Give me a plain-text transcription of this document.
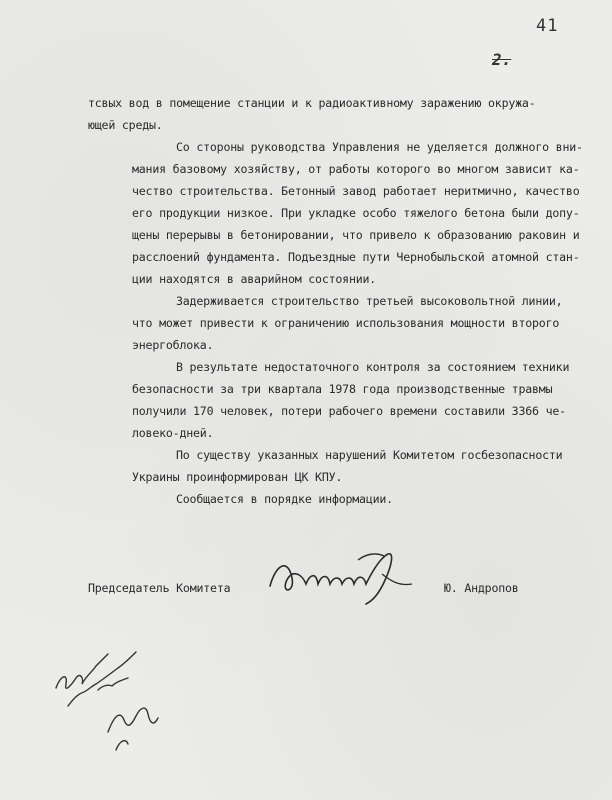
41
2.

тсвых вод в помещение станции и к радиоактивному заражению окружа-
ющей среды.

Со стороны руководства Управления не уделяется должного вни-
мания базовому хозяйству, от работы которого во многом зависит ка-
чество строительства. Бетонный завод работает неритмично, качество
его продукции низкое. При укладке особо тяжелого бетона были допу-
щены перерывы в бетонировании, что привело к образованию раковин и
расслоений фундамента. Подъездные пути Чернобыльской атомной стан-
ции находятся в аварийном состоянии.

Задерживается строительство третьей высоковольтной линии,
что может привести к ограничению использования мощности второго
энергоблока.

В результате недостаточного контроля за состоянием техники
безопасности за три квартала 1978 года производственные травмы
получили 170 человек, потери рабочего времени составили 3366 че-
ловеко-дней.

По существу указанных нарушений Комитетом госбезопасности
Украины проинформирован ЦК КПУ.

Сообщается в порядке информации.

Председатель Комитета	Ю. Андропов
